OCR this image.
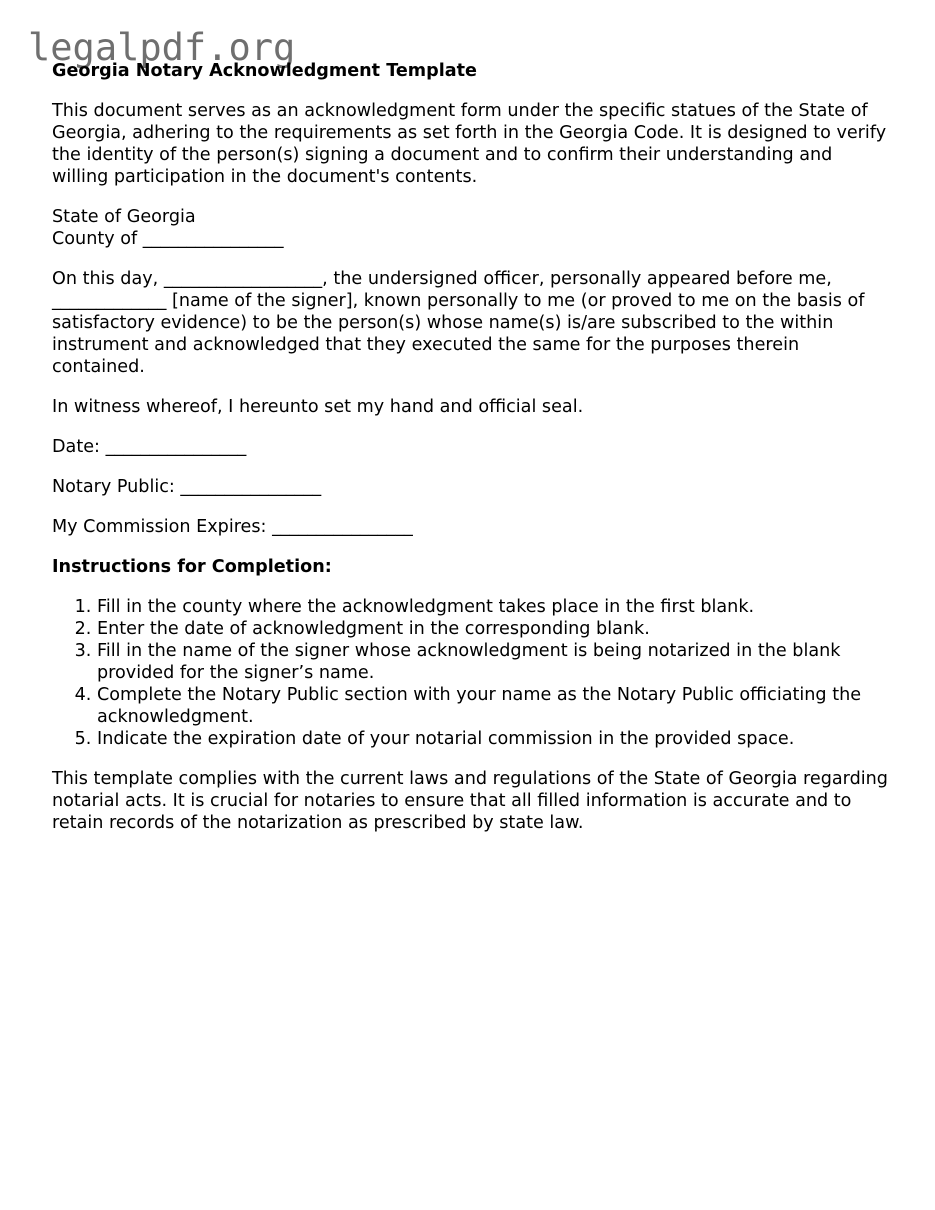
legalpdf.org
Georgia Notary Acknowledgment Template

This document serves as an acknowledgment form under the specific statues of the State of Georgia, adhering to the requirements as set forth in the Georgia Code. It is designed to verify the identity of the person(s) signing a document and to confirm their understanding and willing participation in the document's contents.

State of Georgia
County of ________________

On this day, __________________, the undersigned officer, personally appeared before me, _____________ [name of the signer], known personally to me (or proved to me on the basis of satisfactory evidence) to be the person(s) whose name(s) is/are subscribed to the within instrument and acknowledged that they executed the same for the purposes therein contained.

In witness whereof, I hereunto set my hand and official seal.

Date: ________________

Notary Public: ________________

My Commission Expires: ________________

Instructions for Completion:
1. Fill in the county where the acknowledgment takes place in the first blank.
2. Enter the date of acknowledgment in the corresponding blank.
3. Fill in the name of the signer whose acknowledgment is being notarized in the blank provided for the signer’s name.
4. Complete the Notary Public section with your name as the Notary Public officiating the acknowledgment.
5. Indicate the expiration date of your notarial commission in the provided space.

This template complies with the current laws and regulations of the State of Georgia regarding notarial acts. It is crucial for notaries to ensure that all filled information is accurate and to retain records of the notarization as prescribed by state law.
